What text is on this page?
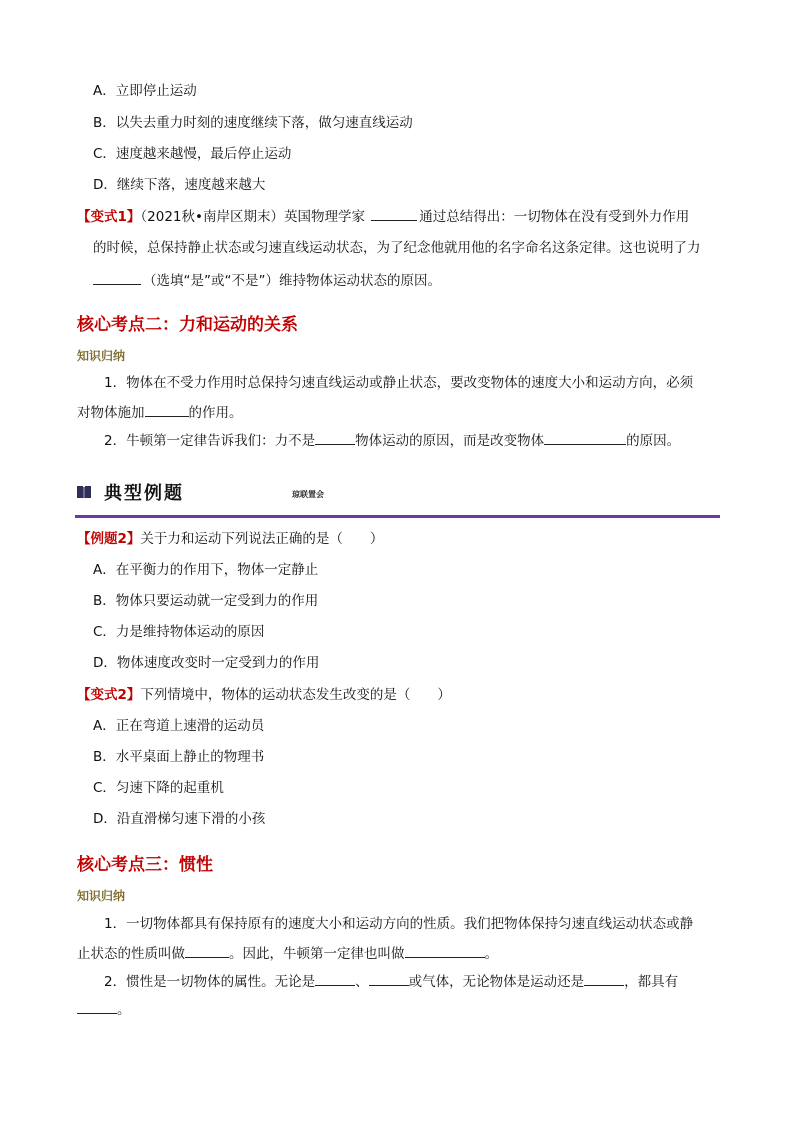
A．立即停止运动
B．以失去重力时刻的速度继续下落，做匀速直线运动
C．速度越来越慢，最后停止运动
D．继续下落，速度越来越大
【变式1】（2021秋•南岸区期末）英国物理学家	通过总结得出：一切物体在没有受到外力作用
的时候，总保持静止状态或匀速直线运动状态，为了纪念他就用他的名字命名这条定律。这也说明了力
（选填“是”或“不是”）维持物体运动状态的原因。
核心考点二：力和运动的关系
知识归纳
1．物体在不受力作用时总保持匀速直线运动或静止状态，要改变物体的速度大小和运动方向，必须
对物体施加	的作用。
2．牛顿第一定律告诉我们：力不是	物体运动的原因，而是改变物体	的原因。
典型例题	琼联置会
【例题2】关于力和运动下列说法正确的是（　　）
A．在平衡力的作用下，物体一定静止
B．物体只要运动就一定受到力的作用
C．力是维持物体运动的原因
D．物体速度改变时一定受到力的作用
【变式2】下列情境中，物体的运动状态发生改变的是（　　）
A．正在弯道上速滑的运动员
B．水平桌面上静止的物理书
C．匀速下降的起重机
D．沿直滑梯匀速下滑的小孩
核心考点三：惯性
知识归纳
1．一切物体都具有保持原有的速度大小和运动方向的性质。我们把物体保持匀速直线运动状态或静
止状态的性质叫做	。因此，牛顿第一定律也叫做	。
2．惯性是一切物体的属性。无论是	、	或气体，无论物体是运动还是	，都具有
。
